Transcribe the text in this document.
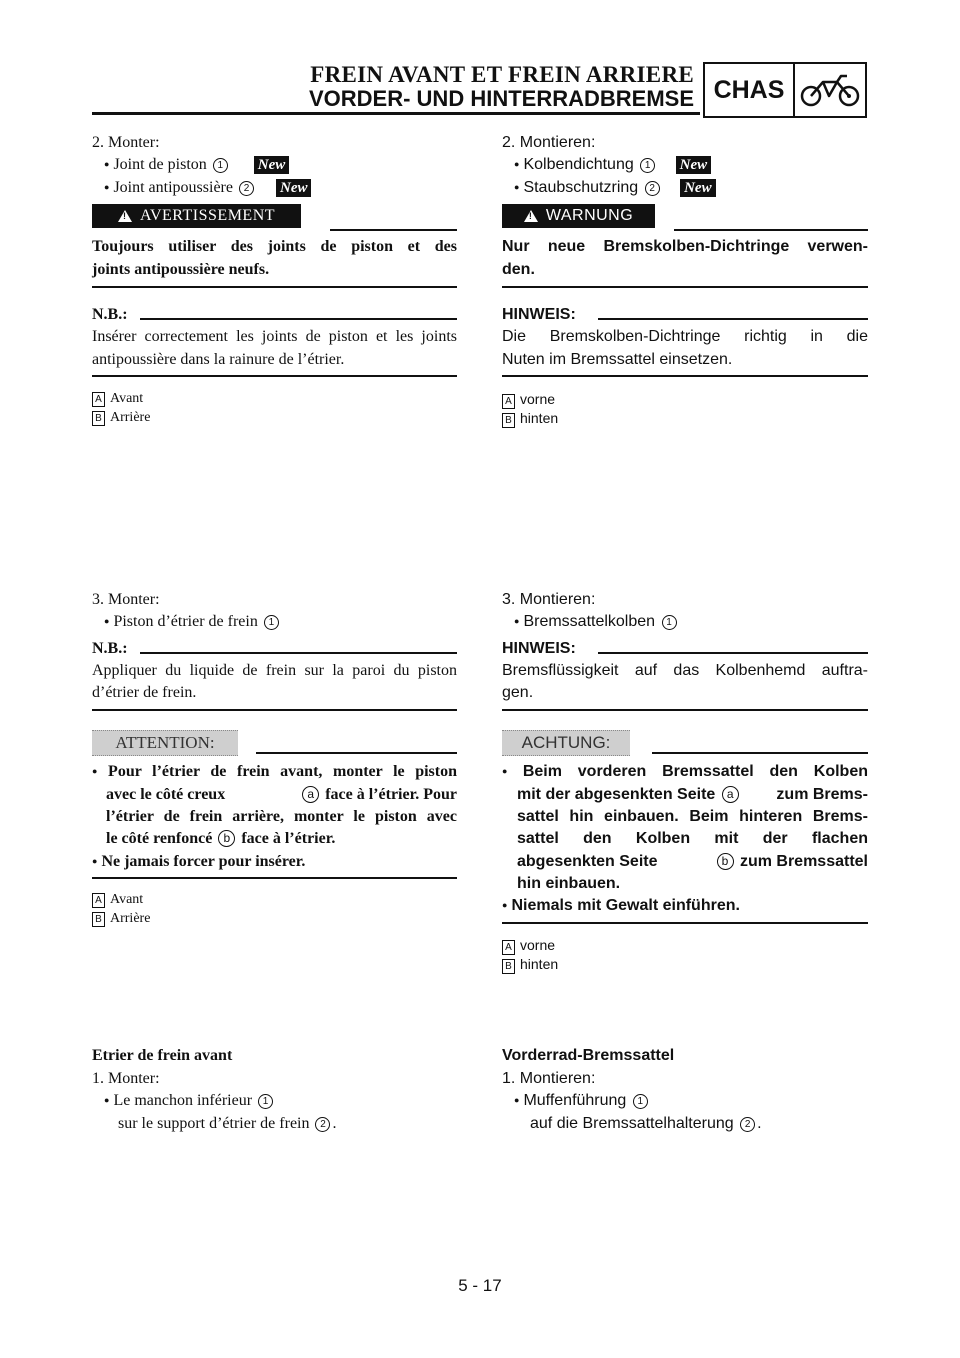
FREIN AVANT ET FREIN ARRIERE
VORDER- UND HINTERRADBREMSE CHAS
2. Monter:
● Joint de piston 1 New
● Joint antipoussière 2 New
!
AVERTISSEMENT
Toujours utiliser des joints de piston et des
joints antipoussière neufs.
N.B.:
Insérer correctement les joints de piston et les joints
antipoussière dans la rainure de l’étrier.
A Avant
B Arrière
3. Monter:
● Piston d’étrier de frein 1
N.B.:
Appliquer du liquide de frein sur la paroi du piston
d’étrier de frein.
ATTENTION:
● Pour l’étrier de frein avant, monter le piston
avec le côté creux	a face à l’étrier. Pour
l’étrier de frein arrière, monter le piston avec
le côté renfoncé b face à l’étrier.
● Ne jamais forcer pour insérer.
A Avant
B Arrière
Etrier de frein avant
1. Monter:
● Le manchon inférieur 1
sur le support d’étrier de frein 2 .
2. Montieren:
● Kolbendichtung 1 New
● Staubschutzring 2 New
!
WARNUNG
Nur neue Bremskolben-Dichtringe verwen-
den.
HINWEIS:
Die Bremskolben-Dichtringe richtig in die
Nuten im Bremssattel einsetzen.
A vorne
B hinten
3. Montieren:
● Bremssattelkolben 1
HINWEIS:
Bremsflüssigkeit auf das Kolbenhemd auftra-
gen.
ACHTUNG:
● Beim vorderen Bremssattel den Kolben
mit der abgesenkten Seite a	zum Brems-
sattel hin einbauen. Beim hinteren Brems-
sattel den Kolben mit der flachen
abgesenkten Seite	b zum Bremssattel
hin einbauen.
● Niemals mit Gewalt einführen.
A vorne
B hinten
Vorderrad-Bremssattel
1. Montieren:
● Muffenführung 1
auf die Bremssattelhalterung 2 .
5 - 17
